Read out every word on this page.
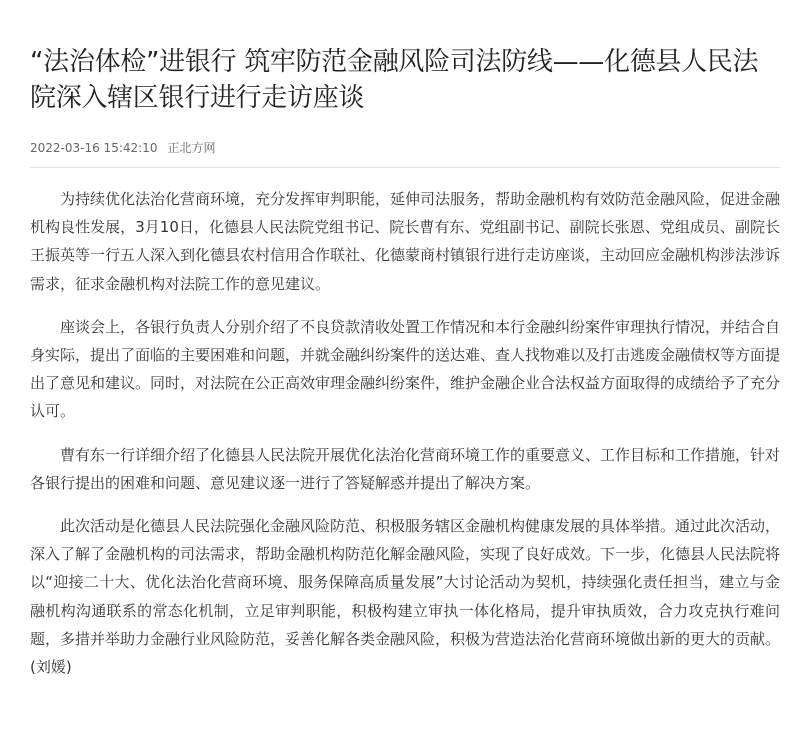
“法治体检”进银行 筑牢防范金融风险司法防线——化德县人民法院深入辖区银行进行走访座谈
2022-03-16 15:42:10 正北方网

为持续优化法治化营商环境，充分发挥审判职能，延伸司法服务，帮助金融机构有效防范金融风险，促进金融机构良性发展，3月10日，化德县人民法院党组书记、院长曹有东、党组副书记、副院长张恩、党组成员、副院长王振英等一行五人深入到化德县农村信用合作联社、化德蒙商村镇银行进行走访座谈，主动回应金融机构涉法涉诉需求，征求金融机构对法院工作的意见建议。

座谈会上，各银行负责人分别介绍了不良贷款清收处置工作情况和本行金融纠纷案件审理执行情况，并结合自身实际，提出了面临的主要困难和问题，并就金融纠纷案件的送达难、查人找物难以及打击逃废金融债权等方面提出了意见和建议。同时，对法院在公正高效审理金融纠纷案件，维护金融企业合法权益方面取得的成绩给予了充分认可。

曹有东一行详细介绍了化德县人民法院开展优化法治化营商环境工作的重要意义、工作目标和工作措施，针对各银行提出的困难和问题、意见建议逐一进行了答疑解惑并提出了解决方案。

此次活动是化德县人民法院强化金融风险防范、积极服务辖区金融机构健康发展的具体举措。通过此次活动，深入了解了金融机构的司法需求，帮助金融机构防范化解金融风险，实现了良好成效。下一步，化德县人民法院将以“迎接二十大、优化法治化营商环境、服务保障高质量发展”大讨论活动为契机，持续强化责任担当，建立与金融机构沟通联系的常态化机制，立足审判职能，积极构建立审执一体化格局，提升审执质效，合力攻克执行难问题，多措并举助力金融行业风险防范，妥善化解各类金融风险，积极为营造法治化营商环境做出新的更大的贡献。(刘媛)
